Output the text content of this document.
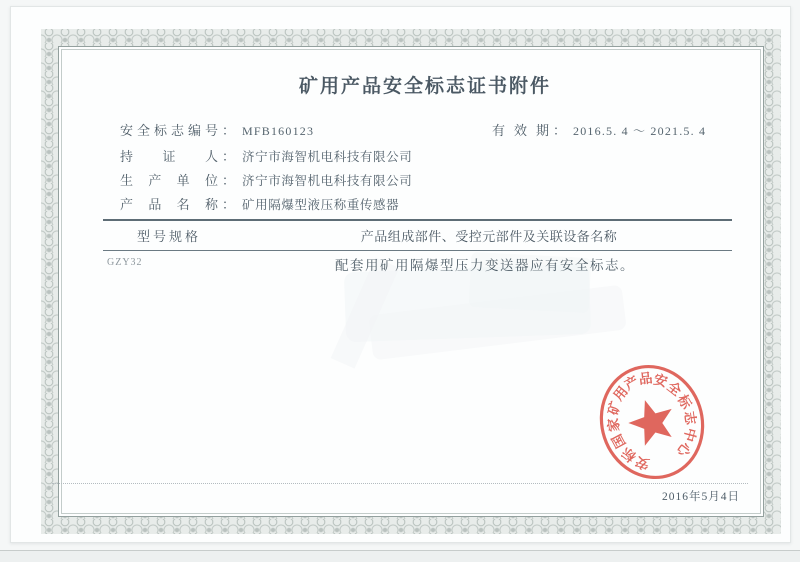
矿用产品安全标志证书附件
安全标志编号 ： MFB160123
持证人 ： 济宁市海智机电科技有限公司
生产单位 ： 济宁市海智机电科技有限公司
产品名称 ： 矿用隔爆型液压称重传感器
有效期 ： 2016.5. 4 ～ 2021.5. 4
型号规格	产品组成部件、受控元部件及关联设备名称
GZY32	配套用矿用隔爆型压力变送器应有安全标志。
安
标
国
家
矿
用
产
品
安
全
标
志
中
心
2016年5月4日
